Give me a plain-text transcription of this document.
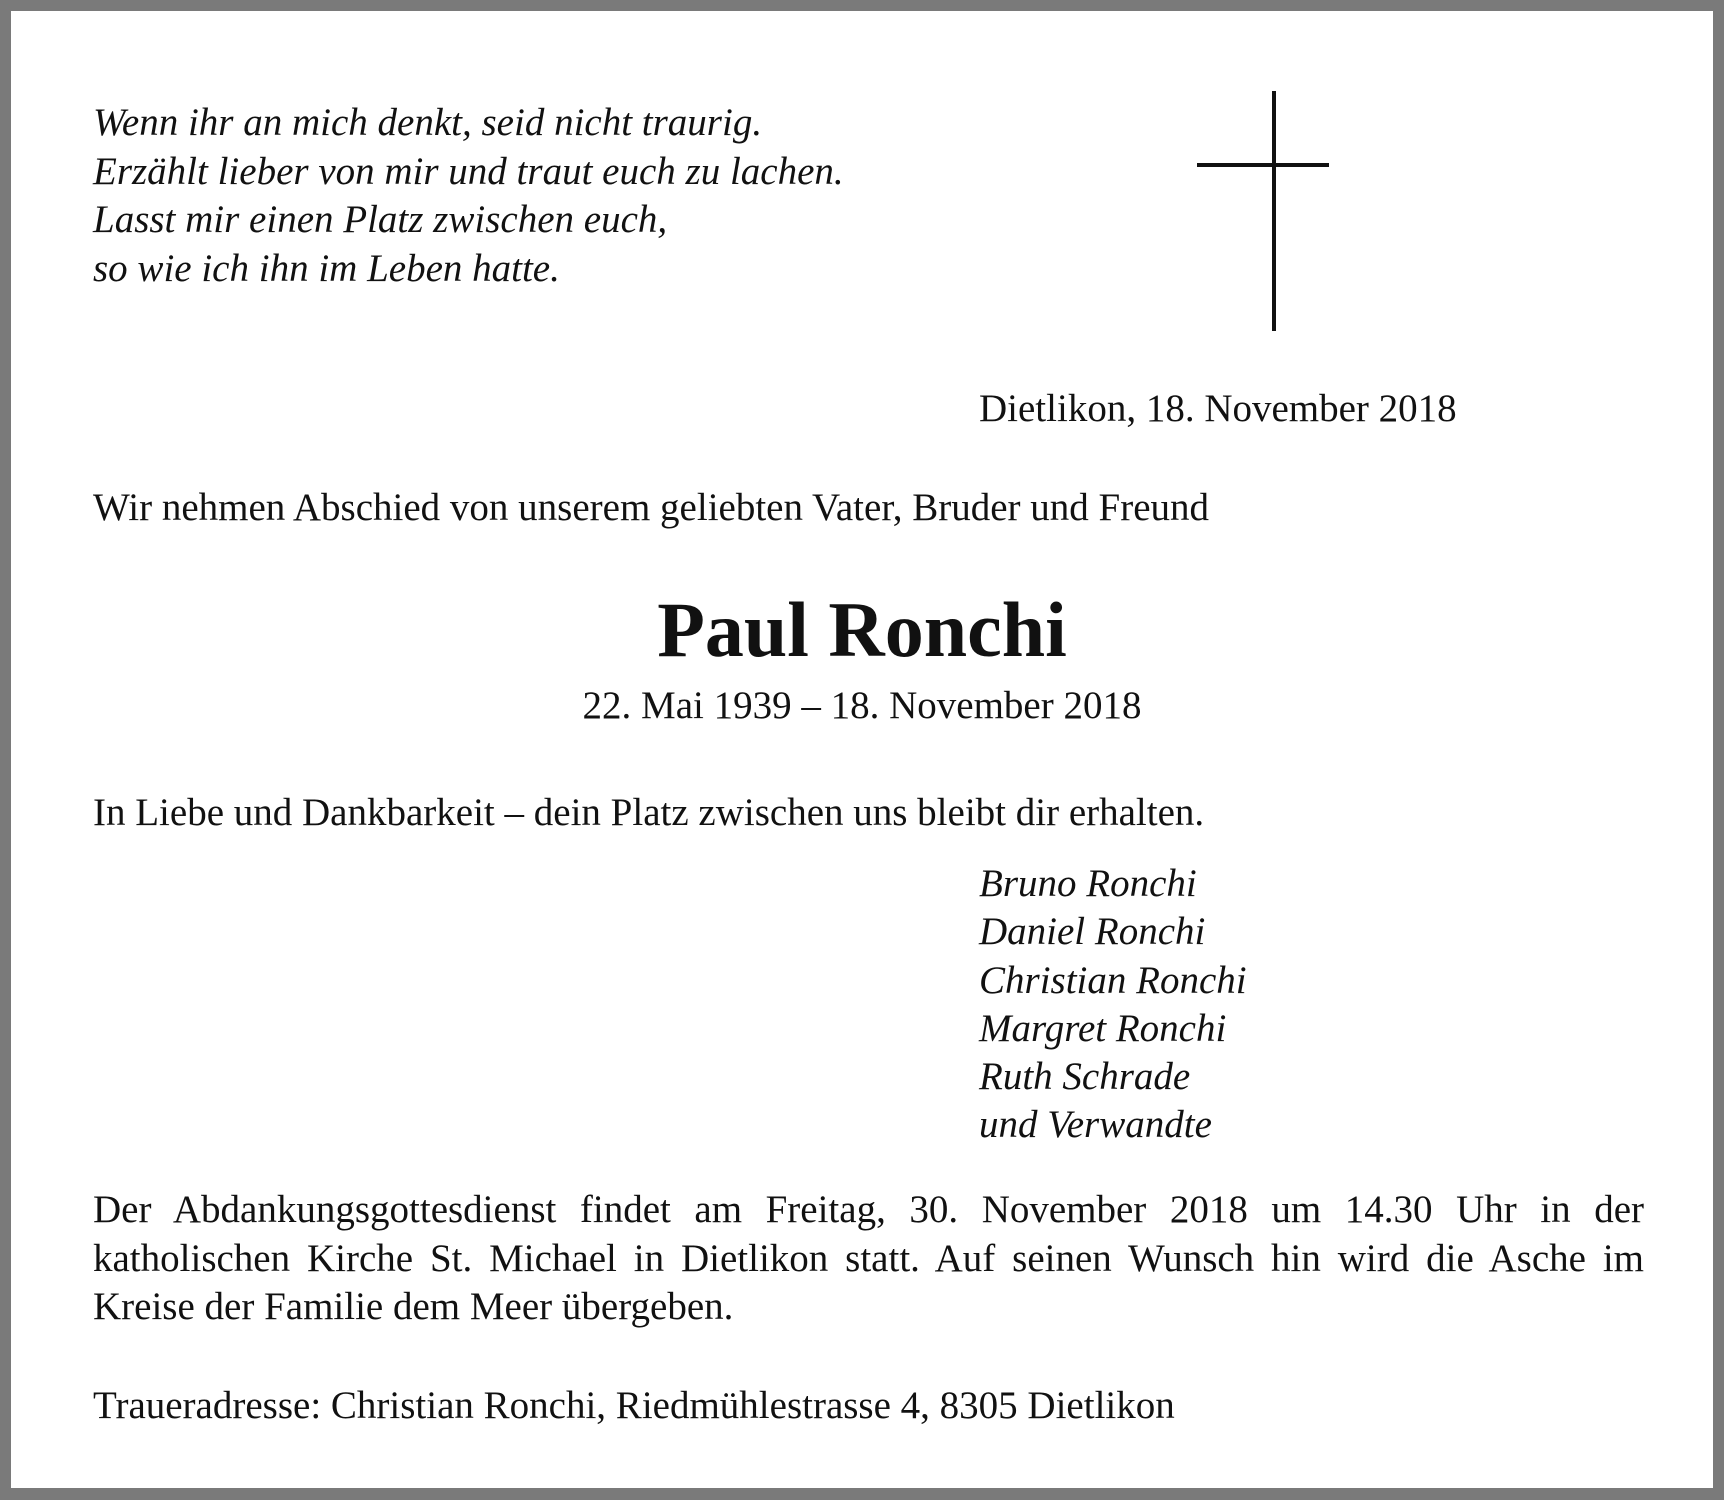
Wenn ihr an mich denkt, seid nicht traurig.
Erzählt lieber von mir und traut euch zu lachen.
Lasst mir einen Platz zwischen euch,
so wie ich ihn im Leben hatte.

Dietlikon, 18. November 2018

Wir nehmen Abschied von unserem geliebten Vater, Bruder und Freund

Paul Ronchi

22. Mai 1939 – 18. November 2018

In Liebe und Dankbarkeit – dein Platz zwischen uns bleibt dir erhalten.

Bruno Ronchi
Daniel Ronchi
Christian Ronchi
Margret Ronchi
Ruth Schrade
und Verwandte

Der Abdankungsgottesdienst findet am Freitag, 30. November 2018 um 14.30 Uhr in der katholischen Kirche St. Michael in Dietlikon statt. Auf seinen Wunsch hin wird die Asche im Kreise der Familie dem Meer übergeben.

Traueradresse: Christian Ronchi, Riedmühlestrasse 4, 8305 Dietlikon
